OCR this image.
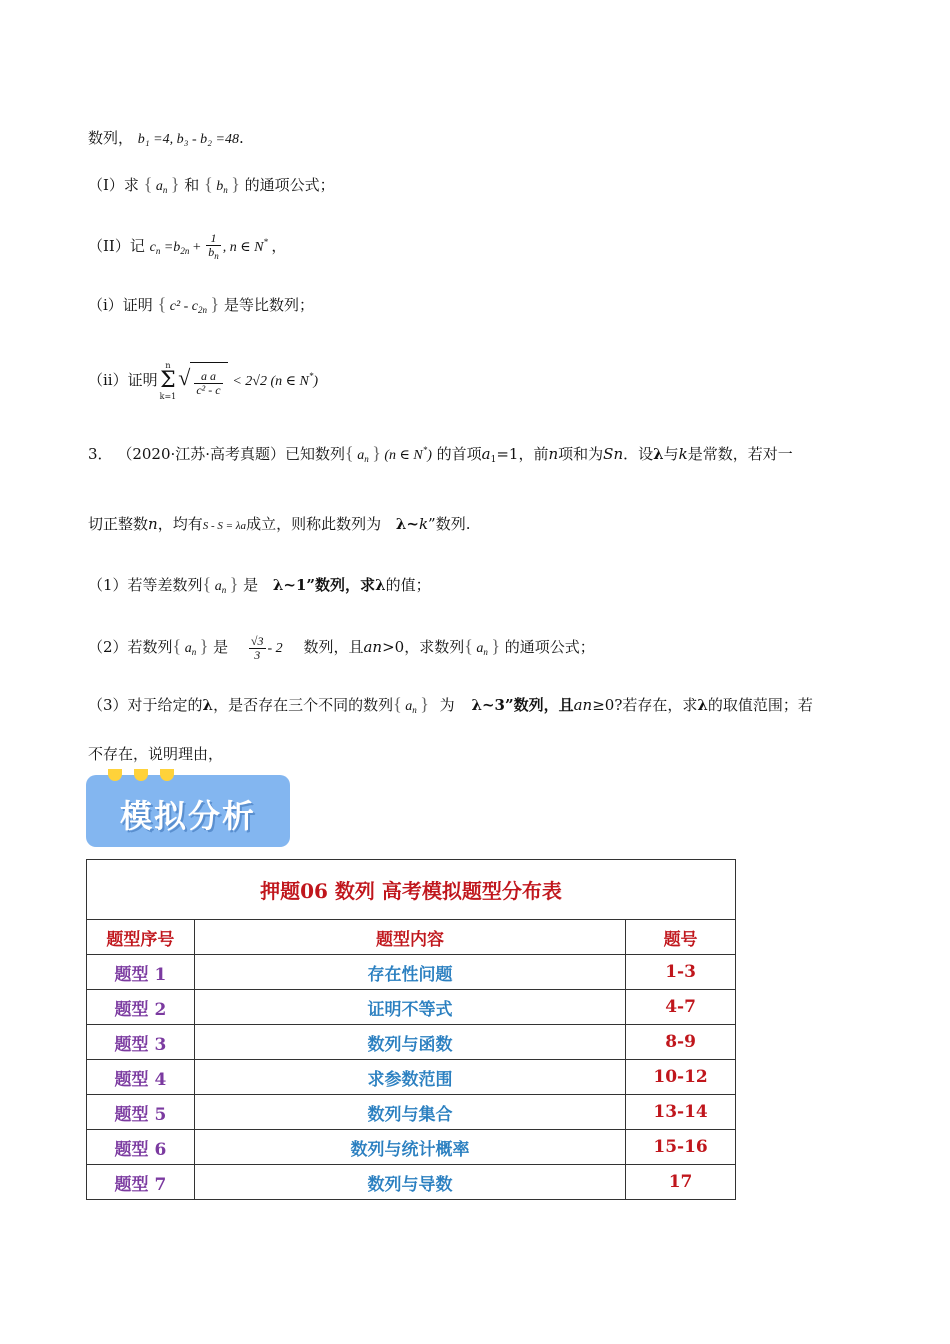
数列， b₁ =4, b₃ - b₂ =48.
（I）求 { $a_n$ } 和 { $b_n$ } 的通项公式；
（II）记 $c_n =b_{2n} + \frac{1}{b_n}$ , n ∈ N* ，
（i）证明 { $c^2 - c_{2n}$ } 是等比数列；
（ii）证明n
Σ
$k=1√ \frac{\text{a a}}{\text{c² - c}} < 2√2$ (n ∈ N*)
3． （2020·江苏·高考真题）已知数列{ $a_n$ } (n ∈ N*) 的首项$a_1=1$，前n项和为Sn．设λ与k是常数，若对一
切正整数n，均有S - S = λa成立，则称此数列为 λ~k”数列.
（1）若等差数列{ $a_n$ } 是 λ~1”数列，求λ的值；
（2）若数列{ $a_n$ } 是 $\frac{√3}{3} - 2$ 数列，且an>0，求数列{ $a_n$ } 的通项公式；
（3）对于给定的λ，是否存在三个不同的数列{ $a_n$ } 为 λ~3”数列，且an≥0?若存在，求λ的取值范围；若
不存在，说明理由，
模拟分析
押题06 数列 高考模拟题型分布表		
题型序号	题型内容	题号
题型 1	存在性问题	1-3
题型 2	证明不等式	4-7
题型 3	数列与函数	8-9
题型 4	求参数范围	10-12
题型 5	数列与集合	13-14
题型 6	数列与统计概率	15-16
题型 7	数列与导数	17
